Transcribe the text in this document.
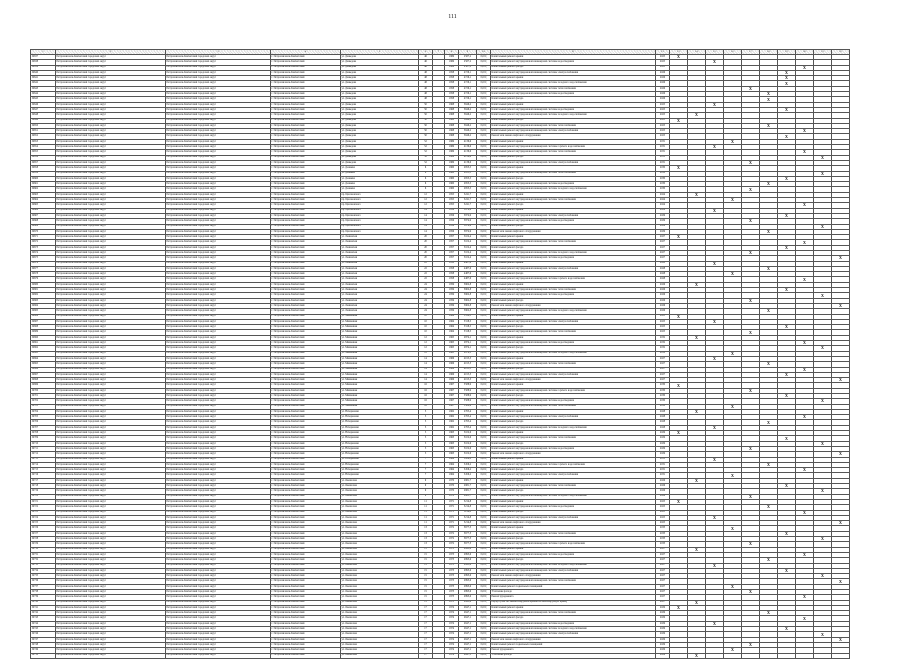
111
1	2	3	4	5	6	7	8	9	10	11	12	13	14	15	16	17	18	19	20	21	22
19637	Петропавловск-Камчатский городской округ	Петропавловск-Камчатский городской округ	г. Петропавловск-Камчатский	ул. Давыдова	46		1969	2587,2	0,6 Ц	Капитальный ремонт крыши	2025	X									
19638	Петропавловск-Камчатский городской округ	Петропавловск-Камчатский городской округ	г. Петропавловск-Камчатский	ул. Давыдова	46		1969	2587,2	0,6 Ц	Капитальный ремонт внутридомовой инженерной системы водоотведения	2025			X							
19639	Петропавловск-Камчатский городской округ	Петропавловск-Камчатский городской округ	г. Петропавловск-Камчатский	ул. Давыдова	46		1969	2587,2	0,6 Ц	Капитальный ремонт фасада	2025								X		
19640	Петропавловск-Камчатский городской округ	Петропавловск-Камчатский городской округ	г. Петропавловск-Камчатский	ул. Давыдова	48		1958	4726,1	0,6 Ц	Капитальный ремонт внутридомовой инженерной системы электроснабжения	2026							X			
19641	Петропавловск-Камчатский городской округ	Петропавловск-Камчатский городской округ	г. Петропавловск-Камчатский	ул. Давыдова	48		1958	4726,1	0,6 Ц	Капитальный ремонт крыши	2026							X			
19642	Петропавловск-Камчатский городской округ	Петропавловск-Камчатский городской округ	г. Петропавловск-Камчатский	ул. Давыдова	48		1958	4726,1	0,6 Ц	Капитальный ремонт внутридомовой инженерной системы холодного водоснабжения	2026							X			
19643	Петропавловск-Камчатский городской округ	Петропавловск-Камчатский городской округ	г. Петропавловск-Камчатский	ул. Давыдова	48		1958	4726,1	0,6 Ц	Капитальный ремонт внутридомовой инженерной системы теплоснабжения	2026					X					
19644	Петропавловск-Камчатский городской округ	Петропавловск-Камчатский городской округ	г. Петропавловск-Камчатский	ул. Давыдова	48		1958	4726,1	0,6 Ц	Капитальный ремонт внутридомовой инженерной системы водоотведения	2026						X				
19645	Петропавловск-Камчатский городской округ	Петропавловск-Камчатский городской округ	г. Петропавловск-Камчатский	ул. Давыдова	48		1958	4726,1	0,6 Ц	Капитальный ремонт фасада	2026						X				
19646	Петропавловск-Камчатский городской округ	Петропавловск-Камчатский городской округ	г. Петропавловск-Камчатский	ул. Давыдова	50		1968	3646,2	0,6 Ц	Капитальный ремонт крыши	2025			X							
19647	Петропавловск-Камчатский городской округ	Петропавловск-Камчатский городской округ	г. Петропавловск-Камчатский	ул. Давыдова	50		1968	3646,2	0,6 Ц	Капитальный ремонт внутридомовой инженерной системы водоотведения	2025							X			
19648	Петропавловск-Камчатский городской округ	Петропавловск-Камчатский городской округ	г. Петропавловск-Камчатский	ул. Давыдова	50		1968	3646,2	0,6 Ц	Капитальный ремонт внутридомовой инженерной системы холодного водоснабжения	2025		X								
19649	Петропавловск-Камчатский городской округ	Петропавловск-Камчатский городской округ	г. Петропавловск-Камчатский	ул. Давыдова	50		1968	3646,2	0,6 Ц	Капитальный ремонт фасада	2025	X									
19650	Петропавловск-Камчатский городской округ	Петропавловск-Камчатский городской округ	г. Петропавловск-Камчатский	ул. Давыдова	50		1968	3646,2	0,6 Ц	Капитальный ремонт внутридомовой инженерной системы теплоснабжения	2025						X				
19651	Петропавловск-Камчатский городской округ	Петропавловск-Камчатский городской округ	г. Петропавловск-Камчатский	ул. Давыдова	50		1968	3646,2	0,6 Ц	Капитальный ремонт внутридомовой инженерной системы электроснабжения	2025								X		
19652	Петропавловск-Камчатский городской округ	Петропавловск-Камчатский городской округ	г. Петропавловск-Камчатский	ул. Давыдова	50		1968	3646,2	0,6 Ц	Ремонт или замена лифтового оборудования	2025							X			
19653	Петропавловск-Камчатский городской округ	Петропавловск-Камчатский городской округ	г. Петропавловск-Камчатский	ул. Давыдова	52		1969	4136,6	0,6 Ц	Капитальный ремонт крыши	2031				X						
19654	Петропавловск-Камчатский городской округ	Петропавловск-Камчатский городской округ	г. Петропавловск-Камчатский	ул. Давыдова	52		1969	4136,6	0,6 Ц	Капитальный ремонт внутридомовой инженерной системы горячего водоснабжения	2031			X							
19655	Петропавловск-Камчатский городской округ	Петропавловск-Камчатский городской округ	г. Петропавловск-Камчатский	ул. Давыдова	52		1969	4136,6	0,6 Ц	Капитальный ремонт внутридомовой инженерной системы теплоснабжения	2031								X		
19656	Петропавловск-Камчатский городской округ	Петропавловск-Камчатский городской округ	г. Петропавловск-Камчатский	ул. Давыдова	52		1969	4136,6	0,6 Ц	Капитальный ремонт фасада	2031									X	
19657	Петропавловск-Камчатский городской округ	Петропавловск-Камчатский городской округ	г. Петропавловск-Камчатский	ул. Давыдова	52		1969	4136,6	0,6 Ц	Капитальный ремонт внутридомовой инженерной системы электроснабжения	2031					X					
19658	Петропавловск-Камчатский городской округ	Петропавловск-Камчатский городской округ	г. Петропавловск-Камчатский	ул. Дежнева	6		1960	2953,5	0,6 Ц	Капитальный ремонт крыши	2030	X									
19659	Петропавловск-Камчатский городской округ	Петропавловск-Камчатский городской округ	г. Петропавловск-Камчатский	ул. Дежнева	6		1960	2953,5	0,6 Ц	Капитальный ремонт внутридомовой инженерной системы теплоснабжения	2030									X	
19660	Петропавловск-Камчатский городской округ	Петропавловск-Камчатский городской округ	г. Петропавловск-Камчатский	ул. Дежнева	6		1960	2953,5	0,6 Ц	Капитальный ремонт фасада	2030							X			
19661	Петропавловск-Камчатский городской округ	Петропавловск-Камчатский городской округ	г. Петропавловск-Камчатский	ул. Дежнева	6		1960	2953,5	0,6 Ц	Капитальный ремонт внутридомовой инженерной системы водоотведения	2030						X				
19662	Петропавловск-Камчатский городской округ	Петропавловск-Камчатский городской округ	г. Петропавловск-Камчатский	ул. Дежнева	6		1960	2953,5	0,6 Ц	Капитальный ремонт внутридомовой инженерной системы холодного водоснабжения	2030					X					
19663	Петропавловск-Камчатский городской округ	Петропавловск-Камчатский городской округ	г. Петропавловск-Камчатский	пр. Циолковского	12		1955	3241,7	0,6 Ц	Капитальный ремонт крыши	2024		X								
19664	Петропавловск-Камчатский городской округ	Петропавловск-Камчатский городской округ	г. Петропавловск-Камчатский	пр. Циолковского	12		1955	3241,7	0,6 Ц	Капитальный ремонт внутридомовой инженерной системы теплоснабжения	2024				X						
19665	Петропавловск-Камчатский городской округ	Петропавловск-Камчатский городской округ	г. Петропавловск-Камчатский	пр. Циолковского	12		1955	3241,7	0,6 Ц	Капитальный ремонт фасада	2024								X		
19666	Петропавловск-Камчатский городской округ	Петропавловск-Камчатский городской округ	г. Петропавловск-Камчатский	пр. Циолковского	14		1956	3874,9	0,6 Ц	Капитальный ремонт крыши	2029			X							
19667	Петропавловск-Камчатский городской округ	Петропавловск-Камчатский городской округ	г. Петропавловск-Камчатский	пр. Циолковского	14		1956	3874,9	0,6 Ц	Капитальный ремонт внутридомовой инженерной системы электроснабжения	2029							X			
19668	Петропавловск-Камчатский городской округ	Петропавловск-Камчатский городской округ	г. Петропавловск-Камчатский	пр. Циолковского	14		1956	3874,9	0,6 Ц	Капитальный ремонт внутридомовой инженерной системы водоотведения	2029					X					
19669	Петропавловск-Камчатский городской округ	Петропавловск-Камчатский городской округ	г. Петропавловск-Камчатский	пр. Циолковского	14		1956	3874,9	0,6 Ц	Капитальный ремонт фасада	2029									X	
19670	Петропавловск-Камчатский городской округ	Петропавловск-Камчатский городской округ	г. Петропавловск-Камчатский	пр. Циолковского	14		1956	3874,9	0,6 Ц	Ремонт или замена лифтового оборудования	2029						X				
19671	Петропавловск-Камчатский городской округ	Петропавловск-Камчатский городской округ	г. Петропавловск-Камчатский	ул. Ленинская	20		1957	5102,4	0,6 Ц	Капитальный ремонт крыши	2027	X									
19672	Петропавловск-Камчатский городской округ	Петропавловск-Камчатский городской округ	г. Петропавловск-Камчатский	ул. Ленинская	20		1957	5102,4	0,6 Ц	Капитальный ремонт внутридомовой инженерной системы теплоснабжения	2027								X		
19673	Петропавловск-Камчатский городской округ	Петропавловск-Камчатский городской округ	г. Петропавловск-Камчатский	ул. Ленинская	20		1957	5102,4	0,6 Ц	Капитальный ремонт фасада	2027							X			
19674	Петропавловск-Камчатский городской округ	Петропавловск-Камчатский городской округ	г. Петропавловск-Камчатский	ул. Ленинская	20		1957	5102,4	0,6 Ц	Капитальный ремонт внутридомовой инженерной системы холодного водоснабжения	2027					X					
19675	Петропавловск-Камчатский городской округ	Петропавловск-Камчатский городской округ	г. Петропавловск-Камчатский	ул. Ленинская	20		1957	5102,4	0,6 Ц	Капитальный ремонт внутридомовой инженерной системы водоотведения	2027										X
19676	Петропавловск-Камчатский городской округ	Петропавловск-Камчатский городской округ	г. Петропавловск-Камчатский	ул. Ленинская	22		1958	4487,6	0,6 Ц	Капитальный ремонт крыши	2028			X							
19677	Петропавловск-Камчатский городской округ	Петропавловск-Камчатский городской округ	г. Петропавловск-Камчатский	ул. Ленинская	22		1958	4487,6	0,6 Ц	Капитальный ремонт внутридомовой инженерной системы электроснабжения	2028						X				
19678	Петропавловск-Камчатский городской округ	Петропавловск-Камчатский городской округ	г. Петропавловск-Камчатский	ул. Ленинская	22		1958	4487,6	0,6 Ц	Капитальный ремонт фасада	2028				X						
19679	Петропавловск-Камчатский городской округ	Петропавловск-Камчатский городской округ	г. Петропавловск-Камчатский	ул. Ленинская	22		1958	4487,6	0,6 Ц	Капитальный ремонт внутридомовой инженерной системы горячего водоснабжения	2028								X		
19680	Петропавловск-Камчатский городской округ	Петропавловск-Камчатский городской округ	г. Петропавловск-Камчатский	ул. Ленинская	24		1959	3962,8	0,6 Ц	Капитальный ремонт крыши	2026		X								
19681	Петропавловск-Камчатский городской округ	Петропавловск-Камчатский городской округ	г. Петропавловск-Камчатский	ул. Ленинская	24		1959	3962,8	0,6 Ц	Капитальный ремонт внутридомовой инженерной системы теплоснабжения	2026							X			
19682	Петропавловск-Камчатский городской округ	Петропавловск-Камчатский городской округ	г. Петропавловск-Камчатский	ул. Ленинская	24		1959	3962,8	0,6 Ц	Капитальный ремонт внутридомовой инженерной системы водоотведения	2026									X	
19683	Петропавловск-Камчатский городской округ	Петропавловск-Камчатский городской округ	г. Петропавловск-Камчатский	ул. Ленинская	24		1959	3962,8	0,6 Ц	Капитальный ремонт фасада	2026					X					
19684	Петропавловск-Камчатский городской округ	Петропавловск-Камчатский городской округ	г. Петропавловск-Камчатский	ул. Ленинская	24		1959	3962,8	0,6 Ц	Ремонт или замена лифтового оборудования	2026										X
19685	Петропавловск-Камчатский городской округ	Петропавловск-Камчатский городской округ	г. Петропавловск-Камчатский	ул. Ленинская	24		1959	3962,8	0,6 Ц	Капитальный ремонт внутридомовой инженерной системы холодного водоснабжения	2026						X				
19686	Петропавловск-Камчатский городской округ	Петропавловск-Камчатский городской округ	г. Петропавловск-Камчатский	ул. Мишенная	10		1964	3318,5	0,6 Ц	Капитальный ремонт крыши	2025	X									
19687	Петропавловск-Камчатский городской округ	Петропавловск-Камчатский городской округ	г. Петропавловск-Камчатский	ул. Мишенная	10		1964	3318,5	0,6 Ц	Капитальный ремонт внутридомовой инженерной системы электроснабжения	2025			X							
19688	Петропавловск-Камчатский городской округ	Петропавловск-Камчатский городской округ	г. Петропавловск-Камчатский	ул. Мишенная	10		1964	3318,5	0,6 Ц	Капитальный ремонт фасада	2025							X			
19689	Петропавловск-Камчатский городской округ	Петропавловск-Камчатский городской округ	г. Петропавловск-Камчатский	ул. Мишенная	10		1964	3318,5	0,6 Ц	Капитальный ремонт внутридомовой инженерной системы теплоснабжения	2025					X					
19690	Петропавловск-Камчатский городской округ	Петропавловск-Камчатский городской округ	г. Петропавловск-Камчатский	ул. Мишенная	12		1965	2874,1	0,6 Ц	Капитальный ремонт крыши	2032		X								
19691	Петропавловск-Камчатский городской округ	Петропавловск-Камчатский городской округ	г. Петропавловск-Камчатский	ул. Мишенная	12		1965	2874,1	0,6 Ц	Капитальный ремонт внутридомовой инженерной системы водоотведения	2032								X		
19692	Петропавловск-Камчатский городской округ	Петропавловск-Камчатский городской округ	г. Петропавловск-Камчатский	ул. Мишенная	12		1965	2874,1	0,6 Ц	Капитальный ремонт фасада	2032									X	
19693	Петропавловск-Камчатский городской округ	Петропавловск-Камчатский городской округ	г. Петропавловск-Камчатский	ул. Мишенная	12		1965	2874,1	0,6 Ц	Капитальный ремонт внутридомовой инженерной системы холодного водоснабжения	2032				X						
19694	Петропавловск-Камчатский городской округ	Петропавловск-Камчатский городской округ	г. Петропавловск-Камчатский	ул. Мишенная	14		1966	4015,3	0,6 Ц	Капитальный ремонт крыши	2027			X							
19695	Петропавловск-Камчатский городской округ	Петропавловск-Камчатский городской округ	г. Петропавловск-Камчатский	ул. Мишенная	14		1966	4015,3	0,6 Ц	Капитальный ремонт внутридомовой инженерной системы теплоснабжения	2027						X				
19696	Петропавловск-Камчатский городской округ	Петропавловск-Камчатский городской округ	г. Петропавловск-Камчатский	ул. Мишенная	14		1966	4015,3	0,6 Ц	Капитальный ремонт фасада	2027								X		
19697	Петропавловск-Камчатский городской округ	Петропавловск-Камчатский городской округ	г. Петропавловск-Камчатский	ул. Мишенная	14		1966	4015,3	0,6 Ц	Капитальный ремонт внутридомовой инженерной системы электроснабжения	2027							X			
19698	Петропавловск-Камчатский городской округ	Петропавловск-Камчатский городской округ	г. Петропавловск-Камчатский	ул. Мишенная	14		1966	4015,3	0,6 Ц	Ремонт или замена лифтового оборудования	2027										X
19699	Петропавловск-Камчатский городской округ	Петропавловск-Камчатский городской округ	г. Петропавловск-Камчатский	ул. Мишенная	16		1967	3588,9	0,6 Ц	Капитальный ремонт крыши	2030	X									
19700	Петропавловск-Камчатский городской округ	Петропавловск-Камчатский городской округ	г. Петропавловск-Камчатский	ул. Мишенная	16		1967	3588,9	0,6 Ц	Капитальный ремонт внутридомовой инженерной системы горячего водоснабжения	2030					X					
19701	Петропавловск-Камчатский городской округ	Петропавловск-Камчатский городской округ	г. Петропавловск-Камчатский	ул. Мишенная	16		1967	3588,9	0,6 Ц	Капитальный ремонт фасада	2030							X			
19702	Петропавловск-Камчатский городской округ	Петропавловск-Камчатский городской округ	г. Петропавловск-Камчатский	ул. Мишенная	16		1967	3588,9	0,6 Ц	Капитальный ремонт внутридомовой инженерной системы водоотведения	2030									X	
19703	Петропавловск-Камчатский городской округ	Петропавловск-Камчатский городской округ	г. Петропавловск-Камчатский	ул. Мишенная	16		1967	3588,9	0,6 Ц	Капитальный ремонт внутридомовой инженерной системы теплоснабжения	2030				X						
19704	Петропавловск-Камчатский городской округ	Петропавловск-Камчатский городской округ	г. Петропавловск-Камчатский	ул. Набережная	3		1962	2765,4	0,6 Ц	Капитальный ремонт крыши	2028		X								
19705	Петропавловск-Камчатский городской округ	Петропавловск-Камчатский городской округ	г. Петропавловск-Камчатский	ул. Набережная	3		1962	2765,4	0,6 Ц	Капитальный ремонт внутридомовой инженерной системы электроснабжения	2028								X		
19706	Петропавловск-Камчатский городской округ	Петропавловск-Камчатский городской округ	г. Петропавловск-Камчатский	ул. Набережная	3		1962	2765,4	0,6 Ц	Капитальный ремонт фасада	2028						X				
19707	Петропавловск-Камчатский городской округ	Петропавловск-Камчатский городской округ	г. Петропавловск-Камчатский	ул. Набережная	3		1962	2765,4	0,6 Ц	Капитальный ремонт внутридомовой инженерной системы холодного водоснабжения	2028			X							
19708	Петропавловск-Камчатский городской округ	Петропавловск-Камчатский городской округ	г. Петропавловск-Камчатский	ул. Набережная	5		1963	3102,6	0,6 Ц	Капитальный ремонт крыши	2029	X									
19709	Петропавловск-Камчатский городской округ	Петропавловск-Камчатский городской округ	г. Петропавловск-Камчатский	ул. Набережная	5		1963	3102,6	0,6 Ц	Капитальный ремонт внутридомовой инженерной системы теплоснабжения	2029							X			
19710	Петропавловск-Камчатский городской округ	Петропавловск-Камчатский городской округ	г. Петропавловск-Камчатский	ул. Набережная	5		1963	3102,6	0,6 Ц	Капитальный ремонт фасада	2029									X	
19711	Петропавловск-Камчатский городской округ	Петропавловск-Камчатский городской округ	г. Петропавловск-Камчатский	ул. Набережная	5		1963	3102,6	0,6 Ц	Капитальный ремонт внутридомовой инженерной системы водоотведения	2029					X					
19712	Петропавловск-Камчатский городской округ	Петропавловск-Камчатский городской округ	г. Петропавловск-Камчатский	ул. Набережная	5		1963	3102,6	0,6 Ц	Ремонт или замена лифтового оборудования	2029										X
19713	Петропавловск-Камчатский городской округ	Петропавловск-Камчатский городской округ	г. Петропавловск-Камчатский	ул. Набережная	7		1964	3456,2	0,6 Ц	Капитальный ремонт крыши	2031			X							
19714	Петропавловск-Камчатский городской округ	Петропавловск-Камчатский городской округ	г. Петропавловск-Камчатский	ул. Набережная	7		1964	3456,2	0,6 Ц	Капитальный ремонт внутридомовой инженерной системы горячего водоснабжения	2031						X				
19715	Петропавловск-Камчатский городской округ	Петропавловск-Камчатский городской округ	г. Петропавловск-Камчатский	ул. Набережная	7		1964	3456,2	0,6 Ц	Капитальный ремонт фасада	2031								X		
19716	Петропавловск-Камчатский городской округ	Петропавловск-Камчатский городской округ	г. Петропавловск-Камчатский	ул. Набережная	7		1964	3456,2	0,6 Ц	Капитальный ремонт внутридомовой инженерной системы электроснабжения	2031				X						
19717	Петропавловск-Камчатский городской округ	Петропавловск-Камчатский городской округ	г. Петропавловск-Камчатский	ул. Океанская	9		1970	2981,7	0,6 Ц	Капитальный ремонт крыши	2026		X								
19718	Петропавловск-Камчатский городской округ	Петропавловск-Камчатский городской округ	г. Петропавловск-Камчатский	ул. Океанская	9		1970	2981,7	0,6 Ц	Капитальный ремонт внутридомовой инженерной системы теплоснабжения	2026							X			
19719	Петропавловск-Камчатский городской округ	Петропавловск-Камчатский городской округ	г. Петропавловск-Камчатский	ул. Океанская	9		1970	2981,7	0,6 Ц	Капитальный ремонт фасада	2026									X	
19720	Петропавловск-Камчатский городской округ	Петропавловск-Камчатский городской округ	г. Петропавловск-Камчатский	ул. Океанская	9		1970	2981,7	0,6 Ц	Капитальный ремонт внутридомовой инженерной системы холодного водоснабжения	2026					X					
19721	Петропавловск-Камчатский городской округ	Петропавловск-Камчатский городской округ	г. Петропавловск-Камчатский	ул. Океанская	11		1971	3214,8	0,6 Ц	Капитальный ремонт крыши	2025	X									
19722	Петропавловск-Камчатский городской округ	Петропавловск-Камчатский городской округ	г. Петропавловск-Камчатский	ул. Океанская	11		1971	3214,8	0,6 Ц	Капитальный ремонт внутридомовой инженерной системы водоотведения	2025						X				
19723	Петропавловск-Камчатский городской округ	Петропавловск-Камчатский городской округ	г. Петропавловск-Камчатский	ул. Океанская	11		1971	3214,8	0,6 Ц	Капитальный ремонт фасада	2025								X		
19724	Петропавловск-Камчатский городской округ	Петропавловск-Камчатский городской округ	г. Петропавловск-Камчатский	ул. Океанская	11		1971	3214,8	0,6 Ц	Капитальный ремонт внутридомовой инженерной системы электроснабжения	2025			X							
19725	Петропавловск-Камчатский городской округ	Петропавловск-Камчатский городской округ	г. Петропавловск-Камчатский	ул. Океанская	11		1971	3214,8	0,6 Ц	Ремонт или замена лифтового оборудования	2025										X
19726	Петропавловск-Камчатский городской округ	Петропавловск-Камчатский городской округ	г. Петропавловск-Камчатский	ул. Океанская	13		1972	3677,3	0,6 Ц	Капитальный ремонт крыши	2033				X						
19727	Петропавловск-Камчатский городской округ	Петропавловск-Камчатский городской округ	г. Петропавловск-Камчатский	ул. Океанская	13		1972	3677,3	0,6 Ц	Капитальный ремонт внутридомовой инженерной системы теплоснабжения	2033							X			
19728	Петропавловск-Камчатский городской округ	Петропавловск-Камчатский городской округ	г. Петропавловск-Камчатский	ул. Океанская	13		1972	3677,3	0,6 Ц	Капитальный ремонт фасада	2033									X	
19729	Петропавловск-Камчатский городской округ	Петропавловск-Камчатский городской округ	г. Петропавловск-Камчатский	ул. Океанская	13		1972	3677,3	0,6 Ц	Капитальный ремонт внутридомовой инженерной системы горячего водоснабжения	2033					X					
19730	Петропавловск-Камчатский городской округ	Петропавловск-Камчатский городской округ	г. Петропавловск-Камчатский	ул. Океанская	15		1973	2893,6	0,6 Ц	Капитальный ремонт крыши	2027		X								
19731	Петропавловск-Камчатский городской округ	Петропавловск-Камчатский городской округ	г. Петропавловск-Камчатский	ул. Океанская	15		1973	2893,6	0,6 Ц	Капитальный ремонт внутридомовой инженерной системы водоотведения	2027								X		
19732	Петропавловск-Камчатский городской округ	Петропавловск-Камчатский городской округ	г. Петропавловск-Камчатский	ул. Океанская	15		1973	2893,6	0,6 Ц	Капитальный ремонт фасада	2027						X				
19733	Петропавловск-Камчатский городской округ	Петропавловск-Камчатский городской округ	г. Петропавловск-Камчатский	ул. Океанская	15		1973	2893,6	0,6 Ц	Капитальный ремонт внутридомовой инженерной системы холодного водоснабжения	2027			X							
19734	Петропавловск-Камчатский городской округ	Петропавловск-Камчатский городской округ	г. Петропавловск-Камчатский	ул. Океанская	15		1973	2893,6	0,6 Ц	Капитальный ремонт внутридомовой инженерной системы электроснабжения	2027							X			
19735	Петропавловск-Камчатский городской округ	Петропавловск-Камчатский городской округ	г. Петропавловск-Камчатский	ул. Океанская	15		1973	2893,6	0,6 Ц	Ремонт или замена лифтового оборудования	2027									X	
19736	Петропавловск-Камчатский городской округ	Петропавловск-Камчатский городской округ	г. Петропавловск-Камчатский	ул. Океанская	15		1973	2893,6	0,6 Ц	Капитальный ремонт внутридомовой инженерной системы теплоснабжения	2027										X
19737	Петропавловск-Камчатский городской округ	Петропавловск-Камчатский городской округ	г. Петропавловск-Камчатский	ул. Океанская	15		1973	2893,6	0,6 Ц	Капитальный ремонт подвальных помещений	2027				X						
19738	Петропавловск-Камчатский городской округ	Петропавловск-Камчатский городской округ	г. Петропавловск-Камчатский	ул. Океанская	15		1973	2893,6	0,6 Ц	Утепление фасада	2027					X					
19739	Петропавловск-Камчатский городской округ	Петропавловск-Камчатский городской округ	г. Петропавловск-Камчатский	ул. Океанская	15		1973	2893,6	0,6 Ц	Ремонт фундамента	2027								X		
19740	Петропавловск-Камчатский городской округ	Петропавловск-Камчатский городской округ	г. Петропавловск-Камчатский	ул. Океанская	15		1973	2893,6	0,6 Ц	Переустройство невентилируемой крыши на вентилируемую крышу	2027		X								
19741	Петропавловск-Камчатский городской округ	Петропавловск-Камчатский городской округ	г. Петропавловск-Камчатский	ул. Океанская	17		1974	2647,1	0,6 Ц	Капитальный ремонт крыши	2029	X									
19742	Петропавловск-Камчатский городской округ	Петропавловск-Камчатский городской округ	г. Петропавловск-Камчатский	ул. Океанская	17		1974	2647,1	0,6 Ц	Капитальный ремонт внутридомовой инженерной системы теплоснабжения	2029						X				
19743	Петропавловск-Камчатский городской округ	Петропавловск-Камчатский городской округ	г. Петропавловск-Камчатский	ул. Океанская	17		1974	2647,1	0,6 Ц	Капитальный ремонт фасада	2029								X		
19744	Петропавловск-Камчатский городской округ	Петропавловск-Камчатский городской округ	г. Петропавловск-Камчатский	ул. Океанская	17		1974	2647,1	0,6 Ц	Капитальный ремонт внутридомовой инженерной системы водоотведения	2029			X							
19745	Петропавловск-Камчатский городской округ	Петропавловск-Камчатский городской округ	г. Петропавловск-Камчатский	ул. Океанская	17		1974	2647,1	0,6 Ц	Капитальный ремонт внутридомовой инженерной системы холодного водоснабжения	2029							X			
19746	Петропавловск-Камчатский городской округ	Петропавловск-Камчатский городской округ	г. Петропавловск-Камчатский	ул. Океанская	17		1974	2647,1	0,6 Ц	Капитальный ремонт внутридомовой инженерной системы электроснабжения	2029									X	
19747	Петропавловск-Камчатский городской округ	Петропавловск-Камчатский городской округ	г. Петропавловск-Камчатский	ул. Океанская	17		1974	2647,1	0,6 Ц	Ремонт или замена лифтового оборудования	2029										X
19748	Петропавловск-Камчатский городской округ	Петропавловск-Камчатский городской округ	г. Петропавловск-Камчатский	ул. Океанская	17		1974	2647,1	0,6 Ц	Капитальный ремонт подвальных помещений	2029					X					
19749	Петропавловск-Камчатский городской округ	Петропавловск-Камчатский городской округ	г. Петропавловск-Камчатский	ул. Океанская	17		1974	2647,1	0,6 Ц	Ремонт фундамента	2029				X						
19750	Петропавловск-Камчатский городской округ	Петропавловск-Камчатский городской округ	г. Петропавловск-Камчатский	ул. Океанская	17		1974	2647,1	0,6 Ц	Утепление фасада	2029		X								
